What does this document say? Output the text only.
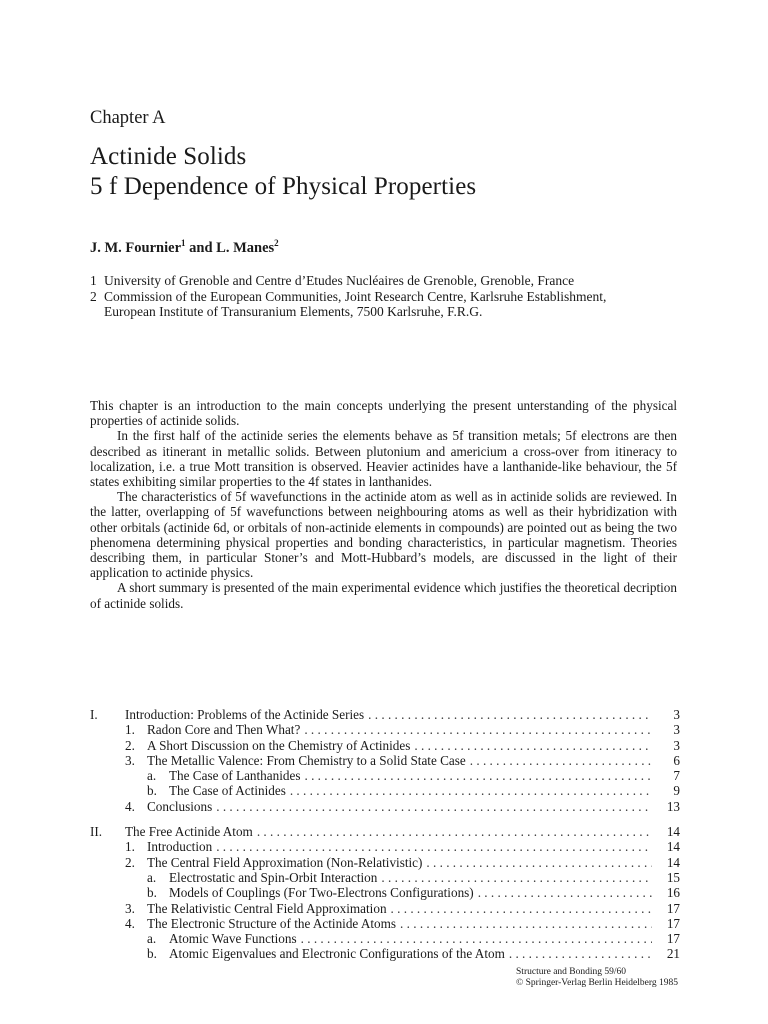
Chapter A
Actinide Solids
5 f Dependence of Physical Properties
J. M. Fournier$^1$ and L. Manes$^2$
1 University of Grenoble and Centre d’Etudes Nucléaires de Grenoble, Grenoble, France
2 Commission of the European Communities, Joint Research Centre, Karlsruhe Establishment,
European Institute of Transuranium Elements, 7500 Karlsruhe, F.R.G.

This chapter is an introduction to the main concepts underlying the present unterstanding of the physical properties of actinide solids.

In the first half of the actinide series the elements behave as 5f transition metals; 5f electrons are then described as itinerant in metallic solids. Between plutonium and americium a cross-over from itineracy to localization, i.e. a true Mott transition is observed. Heavier actinides have a lanthanide-like behaviour, the 5f states exhibiting similar properties to the 4f states in lanthanides.

The characteristics of 5f wavefunctions in the actinide atom as well as in actinide solids are reviewed. In the latter, overlapping of 5f wavefunctions between neighbouring atoms as well as their hybridization with other orbitals (actinide 6d, or orbitals of non-actinide elements in compounds) are pointed out as being the two phenomena determining physical properties and bonding characteristics, in particular magnetism. Theories describing them, in particular Stoner’s and Mott-Hubbard’s models, are discussed in the light of their application to actinide physics.

A short summary is presented of the main experimental evidence which justifies the theoretical decription of actinide solids.

I.	Introduction: Problems of the Actinide Series . . .	3
1. Radon Core and Then What? . . .	3
2. A Short Discussion on the Chemistry of Actinides . . .	3
3. The Metallic Valence: From Chemistry to a Solid State Case . . .	6
a. The Case of Lanthanides . . .	7
b. The Case of Actinides . . .	9
4. Conclusions . . .	13
II.	The Free Actinide Atom . . .	14
1. Introduction . . .	14
2. The Central Field Approximation (Non-Relativistic) . . .	14
a. Electrostatic and Spin-Orbit Interaction . . .	15
b. Models of Couplings (For Two-Electrons Configurations) . . .	16
3. The Relativistic Central Field Approximation . . .	17
4. The Electronic Structure of the Actinide Atoms . . .	17
a. Atomic Wave Functions . . .	17
b. Atomic Eigenvalues and Electronic Configurations of the Atom . . .	21
Structure and Bonding 59/60
© Springer-Verlag Berlin Heidelberg 1985
